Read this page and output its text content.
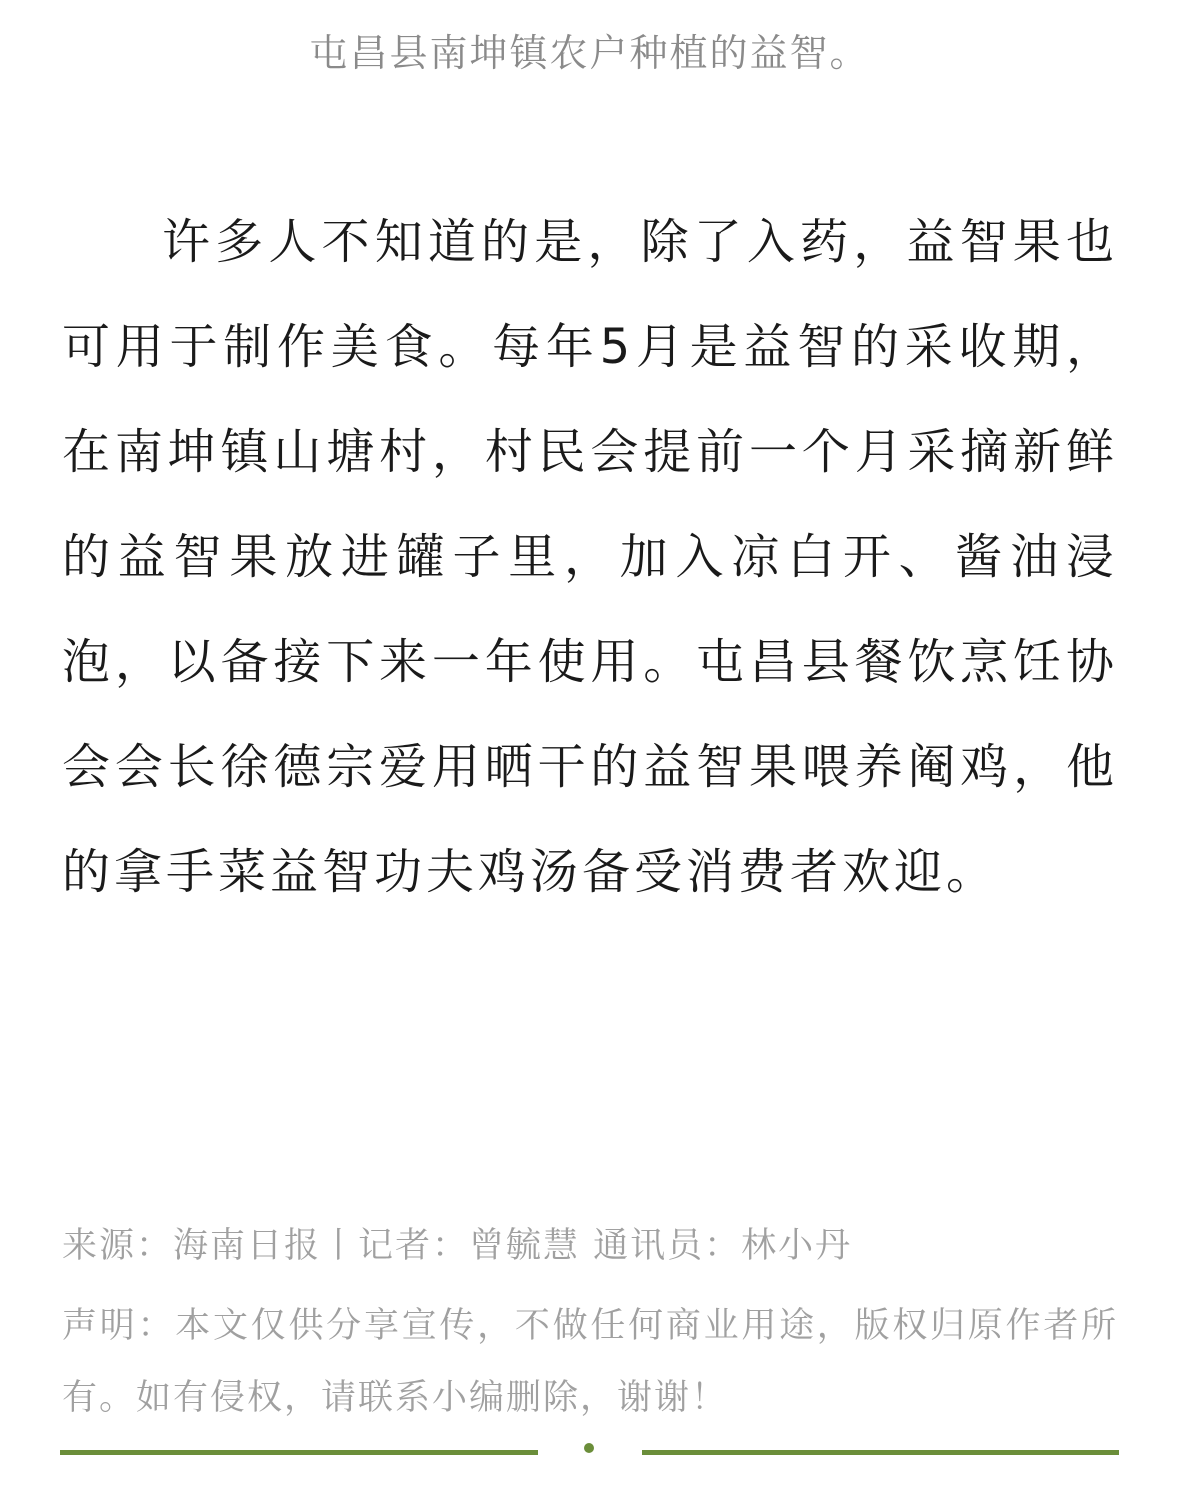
屯昌县南坤镇农户种植的益智。

许多人不知道的是，除了入药，益智果也可用于制作美食。每年5月是益智的采收期，在南坤镇山塘村，村民会提前一个月采摘新鲜的益智果放进罐子里，加入凉白开、酱油浸泡，以备接下来一年使用。屯昌县餐饮烹饪协会会长徐德宗爱用晒干的益智果喂养阉鸡，他的拿手菜益智功夫鸡汤备受消费者欢迎。

来源：海南日报丨记者：曾毓慧 通讯员：林小丹
声明：本文仅供分享宣传，不做任何商业用途，版权归原作者所有。如有侵权，请联系小编删除，谢谢！
